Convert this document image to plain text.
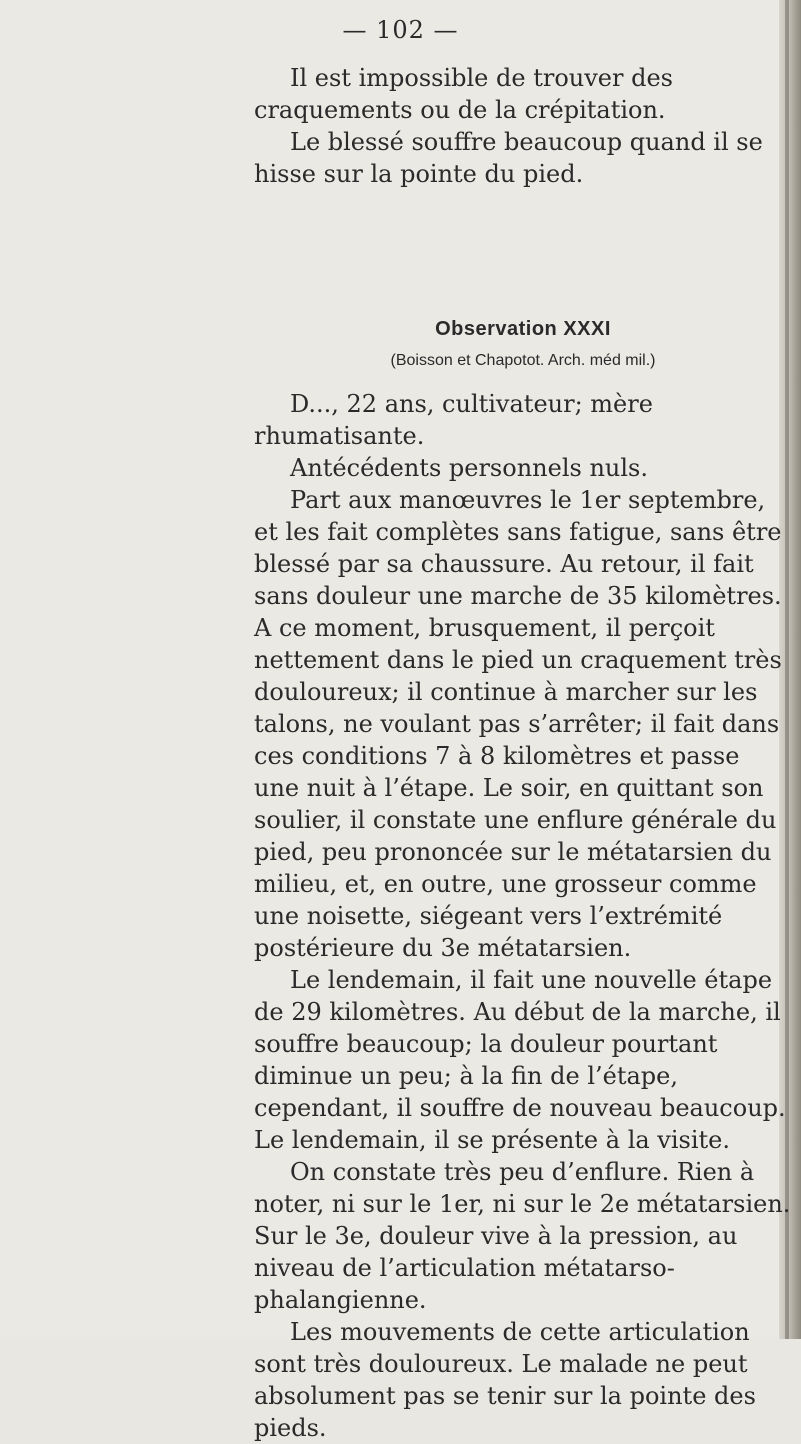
— 102 —

Il est impossible de trouver des craquements ou de la crépitation.

Le blessé souffre beaucoup quand il se hisse sur la pointe du pied.

Observation XXXI
(Boisson et Chapotot. Arch. méd mil.)

D..., 22 ans, cultivateur; mère rhumatisante.

Antécédents personnels nuls.

Part aux manœuvres le 1er septembre, et les fait complètes sans fatigue, sans être blessé par sa chaussure. Au retour, il fait sans douleur une marche de 35 kilomètres. A ce moment, brusquement, il perçoit nettement dans le pied un craquement très douloureux; il continue à marcher sur les talons, ne voulant pas s’arrêter; il fait dans ces conditions 7 à 8 kilomètres et passe une nuit à l’étape. Le soir, en quittant son soulier, il constate une enflure générale du pied, peu prononcée sur le métatarsien du milieu, et, en outre, une grosseur comme une noisette, siégeant vers l’extrémité postérieure du 3e métatarsien.

Le lendemain, il fait une nouvelle étape de 29 kilomètres. Au début de la marche, il souffre beaucoup; la douleur pourtant diminue un peu; à la fin de l’étape, cependant, il souffre de nouveau beaucoup. Le lendemain, il se présente à la visite.

On constate très peu d’enflure. Rien à noter, ni sur le 1er, ni sur le 2e métatarsien. Sur le 3e, douleur vive à la pression, au niveau de l’articulation métatarso-phalangienne.

Les mouvements de cette articulation sont très douloureux. Le malade ne peut absolument pas se tenir sur la pointe des pieds.
